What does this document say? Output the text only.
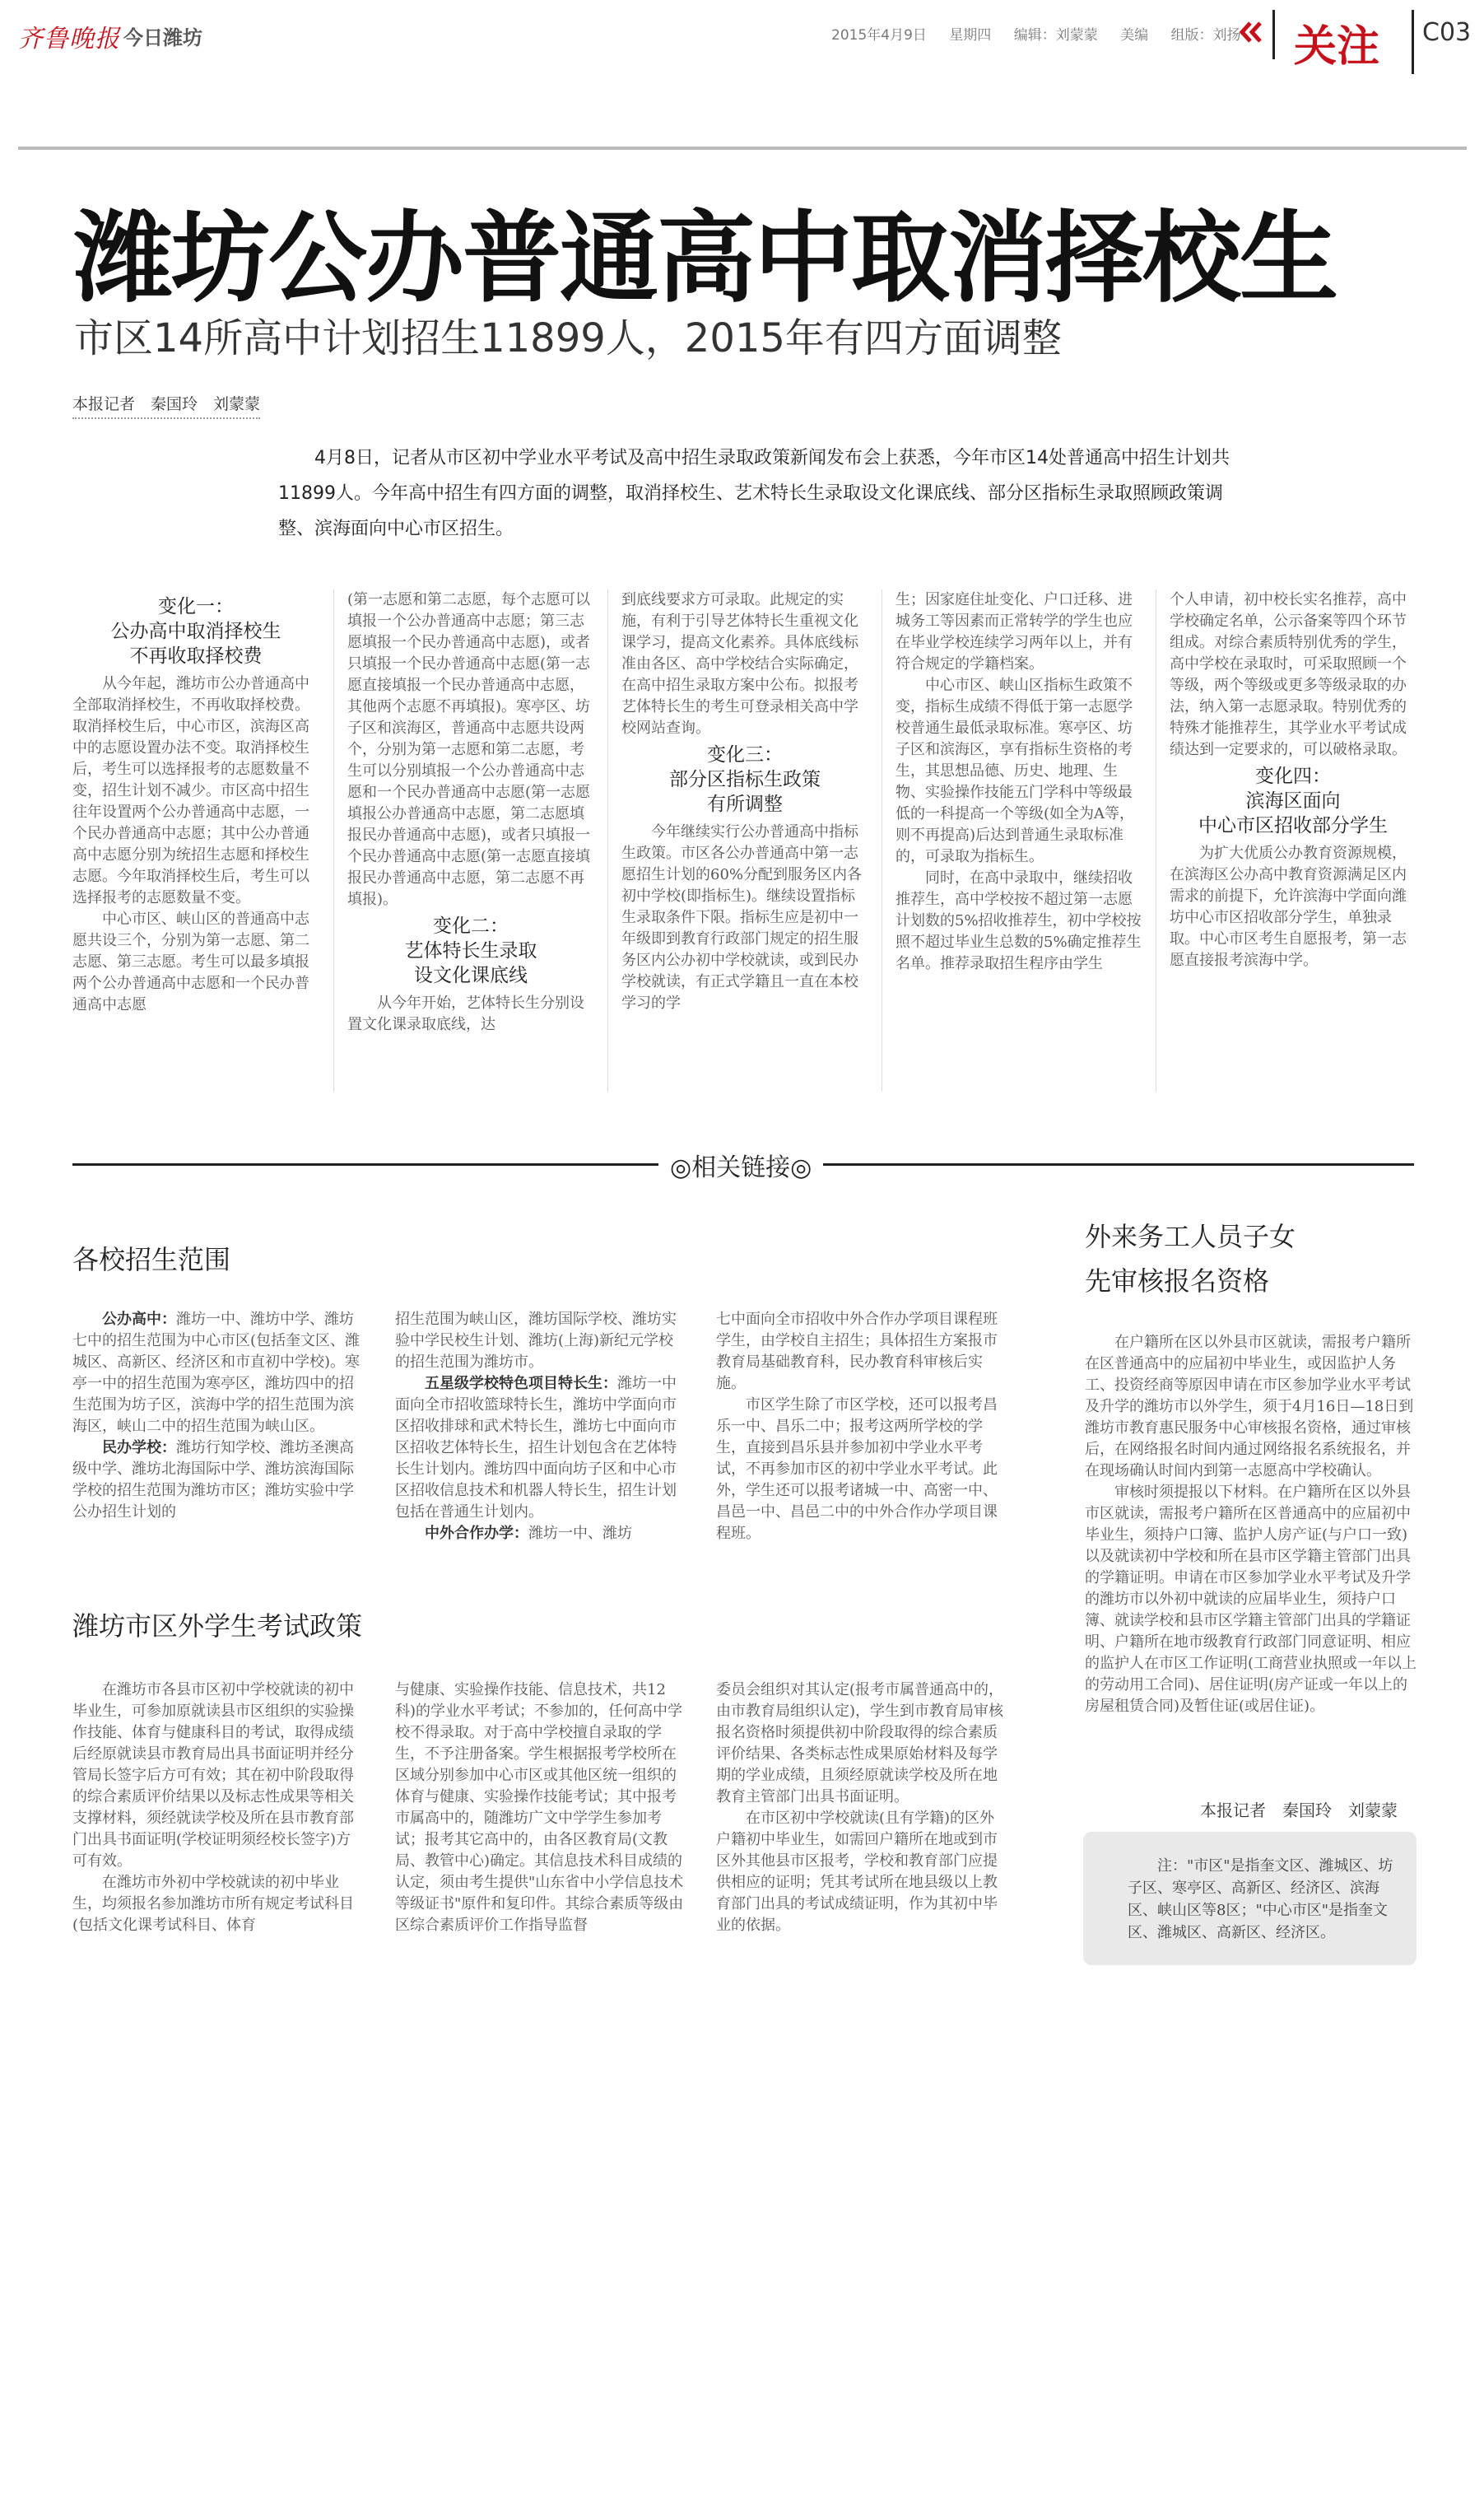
齐鲁晚报 今日潍坊	2015年4月9日 星期四 编辑：刘蒙蒙 美编 组版：刘扬	关注 C03
潍坊公办普通高中取消择校生
市区14所高中计划招生11899人，2015年有四方面调整
本报记者　秦国玲　刘蒙蒙

4月8日，记者从市区初中学业水平考试及高中招生录取政策新闻发布会上获悉，今年市区14处普通高中招生计划共11899人。今年高中招生有四方面的调整，取消择校生、艺术特长生录取设文化课底线、部分区指标生录取照顾政策调整、滨海面向中心市区招生。

变化一：
公办高中取消择校生
不再收取择校费

从今年起，潍坊市公办普通高中全部取消择校生，不再收取择校费。取消择校生后，中心市区，滨海区高中的志愿设置办法不变。取消择校生后，考生可以选择报考的志愿数量不变，招生计划不减少。市区高中招生往年设置两个公办普通高中志愿，一个民办普通高中志愿；其中公办普通高中志愿分别为统招生志愿和择校生志愿。今年取消择校生后，考生可以选择报考的志愿数量不变。

中心市区、峡山区的普通高中志愿共设三个，分别为第一志愿、第二志愿、第三志愿。考生可以最多填报两个公办普通高中志愿和一个民办普通高中志愿

(第一志愿和第二志愿，每个志愿可以填报一个公办普通高中志愿；第三志愿填报一个民办普通高中志愿)，或者只填报一个民办普通高中志愿(第一志愿直接填报一个民办普通高中志愿，其他两个志愿不再填报)。寒亭区、坊子区和滨海区，普通高中志愿共设两个，分别为第一志愿和第二志愿，考生可以分别填报一个公办普通高中志愿和一个民办普通高中志愿(第一志愿填报公办普通高中志愿，第二志愿填报民办普通高中志愿)，或者只填报一个民办普通高中志愿(第一志愿直接填报民办普通高中志愿，第二志愿不再填报)。

变化二：
艺体特长生录取
设文化课底线

从今年开始，艺体特长生分别设置文化课录取底线，达

到底线要求方可录取。此规定的实施，有利于引导艺体特长生重视文化课学习，提高文化素养。具体底线标准由各区、高中学校结合实际确定，在高中招生录取方案中公布。拟报考艺体特长生的考生可登录相关高中学校网站查询。

变化三：
部分区指标生政策
有所调整

今年继续实行公办普通高中指标生政策。市区各公办普通高中第一志愿招生计划的60%分配到服务区内各初中学校(即指标生)。继续设置指标生录取条件下限。指标生应是初中一年级即到教育行政部门规定的招生服务区内公办初中学校就读，或到民办学校就读，有正式学籍且一直在本校学习的学

生；因家庭住址变化、户口迁移、进城务工等因素而正常转学的学生也应在毕业学校连续学习两年以上，并有符合规定的学籍档案。

中心市区、峡山区指标生政策不变，指标生成绩不得低于第一志愿学校普通生最低录取标准。寒亭区、坊子区和滨海区，享有指标生资格的考生，其思想品德、历史、地理、生物、实验操作技能五门学科中等级最低的一科提高一个等级(如全为A等，则不再提高)后达到普通生录取标准的，可录取为指标生。

同时，在高中录取中，继续招收推荐生，高中学校按不超过第一志愿计划数的5%招收推荐生，初中学校按照不超过毕业生总数的5%确定推荐生名单。推荐录取招生程序由学生

个人申请，初中校长实名推荐，高中学校确定名单，公示备案等四个环节组成。对综合素质特别优秀的学生，高中学校在录取时，可采取照顾一个等级，两个等级或更多等级录取的办法，纳入第一志愿录取。特别优秀的特殊才能推荐生，其学业水平考试成绩达到一定要求的，可以破格录取。

变化四：
滨海区面向
中心市区招收部分学生

为扩大优质公办教育资源规模，在滨海区公办高中教育资源满足区内需求的前提下，允许滨海中学面向潍坊中心市区招收部分学生，单独录取。中心市区考生自愿报考，第一志愿直接报考滨海中学。

◎相关链接◎
各校招生范围

公办高中：潍坊一中、潍坊中学、潍坊七中的招生范围为中心市区(包括奎文区、潍城区、高新区、经济区和市直初中学校)。寒亭一中的招生范围为寒亭区，潍坊四中的招生范围为坊子区，滨海中学的招生范围为滨海区，峡山二中的招生范围为峡山区。

民办学校：潍坊行知学校、潍坊圣澳高级中学、潍坊北海国际中学、潍坊滨海国际学校的招生范围为潍坊市区；潍坊实验中学公办招生计划的

招生范围为峡山区，潍坊国际学校、潍坊实验中学民校生计划、潍坊(上海)新纪元学校的招生范围为潍坊市。

五星级学校特色项目特长生：潍坊一中面向全市招收篮球特长生，潍坊中学面向市区招收排球和武术特长生，潍坊七中面向市区招收艺体特长生，招生计划包含在艺体特长生计划内。潍坊四中面向坊子区和中心市区招收信息技术和机器人特长生，招生计划包括在普通生计划内。

中外合作办学：潍坊一中、潍坊

七中面向全市招收中外合作办学项目课程班学生，由学校自主招生；具体招生方案报市教育局基础教育科，民办教育科审核后实施。

市区学生除了市区学校，还可以报考昌乐一中、昌乐二中；报考这两所学校的学生，直接到昌乐县并参加初中学业水平考试，不再参加市区的初中学业水平考试。此外，学生还可以报考诸城一中、高密一中、昌邑一中、昌邑二中的中外合作办学项目课程班。

潍坊市区外学生考试政策

在潍坊市各县市区初中学校就读的初中毕业生，可参加原就读县市区组织的实验操作技能、体育与健康科目的考试，取得成绩后经原就读县市教育局出具书面证明并经分管局长签字后方可有效；其在初中阶段取得的综合素质评价结果以及标志性成果等相关支撑材料，须经就读学校及所在县市教育部门出具书面证明(学校证明须经校长签字)方可有效。

在潍坊市外初中学校就读的初中毕业生，均须报名参加潍坊市所有规定考试科目(包括文化课考试科目、体育

与健康、实验操作技能、信息技术，共12科)的学业水平考试；不参加的，任何高中学校不得录取。对于高中学校擅自录取的学生，不予注册备案。学生根据报考学校所在区域分别参加中心市区或其他区统一组织的体育与健康、实验操作技能考试；其中报考市属高中的，随潍坊广文中学学生参加考试；报考其它高中的，由各区教育局(文教局、教管中心)确定。其信息技术科目成绩的认定，须由考生提供"山东省中小学信息技术等级证书"原件和复印件。其综合素质等级由区综合素质评价工作指导监督

委员会组织对其认定(报考市属普通高中的，由市教育局组织认定)，学生到市教育局审核报名资格时须提供初中阶段取得的综合素质评价结果、各类标志性成果原始材料及每学期的学业成绩，且须经原就读学校及所在地教育主管部门出具书面证明。

在市区初中学校就读(且有学籍)的区外户籍初中毕业生，如需回户籍所在地或到市区外其他县市区报考，学校和教育部门应提供相应的证明；凭其考试所在地县级以上教育部门出具的考试成绩证明，作为其初中毕业的依据。

外来务工人员子女
先审核报名资格

在户籍所在区以外县市区就读，需报考户籍所在区普通高中的应届初中毕业生，或因监护人务工、投资经商等原因申请在市区参加学业水平考试及升学的潍坊市以外学生，须于4月16日—18日到潍坊市教育惠民服务中心审核报名资格，通过审核后，在网络报名时间内通过网络报名系统报名，并在现场确认时间内到第一志愿高中学校确认。

审核时须提报以下材料。在户籍所在区以外县市区就读，需报考户籍所在区普通高中的应届初中毕业生，须持户口簿、监护人房产证(与户口一致)以及就读初中学校和所在县市区学籍主管部门出具的学籍证明。申请在市区参加学业水平考试及升学的潍坊市以外初中就读的应届毕业生，须持户口簿、就读学校和县市区学籍主管部门出具的学籍证明、户籍所在地市级教育行政部门同意证明、相应的监护人在市区工作证明(工商营业执照或一年以上的劳动用工合同)、居住证明(房产证或一年以上的房屋租赁合同)及暂住证(或居住证)。

本报记者　秦国玲　刘蒙蒙

注："市区"是指奎文区、潍城区、坊子区、寒亭区、高新区、经济区、滨海区、峡山区等8区；"中心市区"是指奎文区、潍城区、高新区、经济区。
